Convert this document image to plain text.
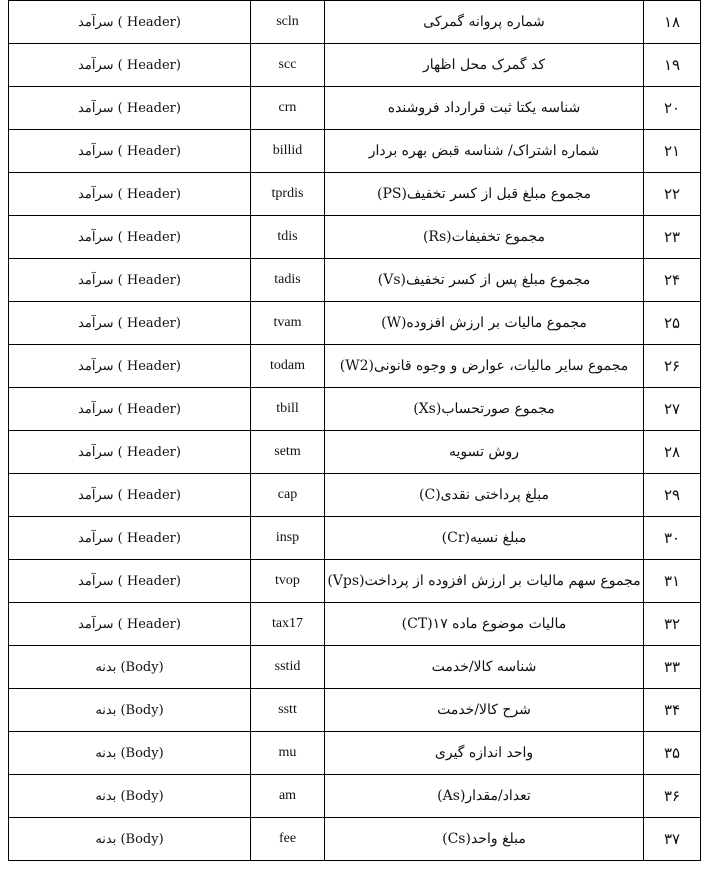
۱۸	شماره پروانه گمرکی	scln	(Header ) سرآمد
۱۹	کد گمرک محل اظهار	scc	(Header ) سرآمد
۲۰	شناسه یکتا ثبت قرارداد فروشنده	crn	(Header ) سرآمد
۲۱	شماره اشتراک/ شناسه قبض بهره بردار	billid	(Header ) سرآمد
۲۲	مجموع مبلغ قبل از کسر تخفیف(PS)	tprdis	(Header ) سرآمد
۲۳	مجموع تخفیفات(Rs)	tdis	(Header ) سرآمد
۲۴	مجموع مبلغ پس از کسر تخفیف(Vs)	tadis	(Header ) سرآمد
۲۵	مجموع مالیات بر ارزش افزوده(W)	tvam	(Header ) سرآمد
۲۶	مجموع سایر مالیات، عوارض و وجوه قانونی(W2)	todam	(Header ) سرآمد
۲۷	مجموع صورتحساب(Xs)	tbill	(Header ) سرآمد
۲۸	روش تسویه	setm	(Header ) سرآمد
۲۹	مبلغ پرداختی نقدی(C)	cap	(Header ) سرآمد
۳۰	مبلغ نسیه(Cr)	insp	(Header ) سرآمد
۳۱	مجموع سهم مالیات بر ارزش افزوده از پرداخت(Vps)	tvop	(Header ) سرآمد
۳۲	مالیات موضوع ماده ۱۷(CT)	tax17	(Header ) سرآمد
۳۳	شناسه کالا/خدمت	sstid	(Body) بدنه
۳۴	شرح کالا/خدمت	sstt	(Body) بدنه
۳۵	واحد اندازه گیری	mu	(Body) بدنه
۳۶	تعداد/مقدار(As)	am	(Body) بدنه
۳۷	مبلغ واحد(Cs)	fee	(Body) بدنه
